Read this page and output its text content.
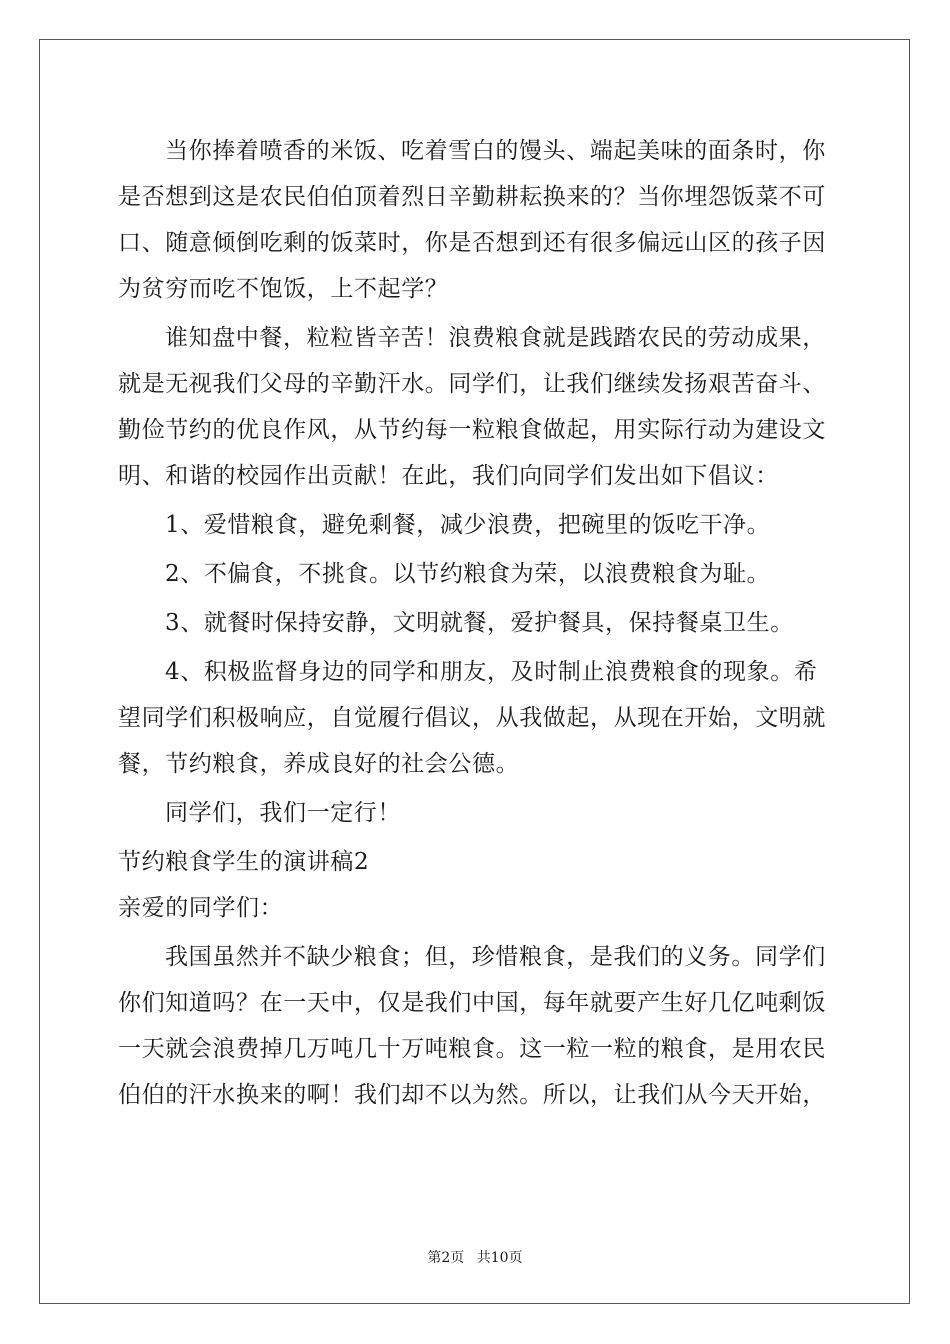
当你捧着喷香的米饭、吃着雪白的馒头、端起美味的面条时，你
是否想到这是农民伯伯顶着烈日辛勤耕耘换来的？当你埋怨饭菜不可
口、随意倾倒吃剩的饭菜时，你是否想到还有很多偏远山区的孩子因
为贫穷而吃不饱饭，上不起学？
谁知盘中餐，粒粒皆辛苦！浪费粮食就是践踏农民的劳动成果，
就是无视我们父母的辛勤汗水。同学们，让我们继续发扬艰苦奋斗、
勤俭节约的优良作风，从节约每一粒粮食做起，用实际行动为建设文
明、和谐的校园作出贡献！在此，我们向同学们发出如下倡议：
1、爱惜粮食，避免剩餐，减少浪费，把碗里的饭吃干净。
2、不偏食，不挑食。以节约粮食为荣，以浪费粮食为耻。
3、就餐时保持安静，文明就餐，爱护餐具，保持餐桌卫生。
4、积极监督身边的同学和朋友，及时制止浪费粮食的现象。希
望同学们积极响应，自觉履行倡议，从我做起，从现在开始，文明就
餐，节约粮食，养成良好的社会公德。
同学们，我们一定行！
节约粮食学生的演讲稿2
亲爱的同学们：
我国虽然并不缺少粮食；但，珍惜粮食，是我们的义务。同学们
你们知道吗？在一天中，仅是我们中国，每年就要产生好几亿吨剩饭
一天就会浪费掉几万吨几十万吨粮食。这一粒一粒的粮食，是用农民
伯伯的汗水换来的啊！我们却不以为然。所以，让我们从今天开始，
第2页 共10页
